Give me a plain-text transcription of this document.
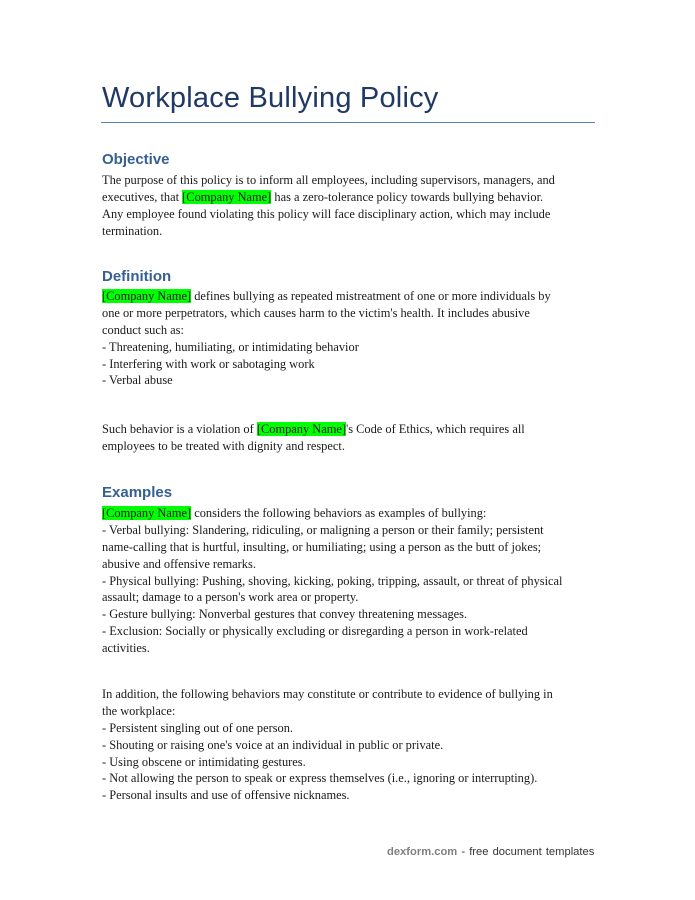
Workplace Bullying Policy
Objective
The purpose of this policy is to inform all employees, including supervisors, managers, and
executives, that [Company Name] has a zero-tolerance policy towards bullying behavior.
Any employee found violating this policy will face disciplinary action, which may include
termination.
Definition
[Company Name] defines bullying as repeated mistreatment of one or more individuals by
one or more perpetrators, which causes harm to the victim's health. It includes abusive
conduct such as:
- Threatening, humiliating, or intimidating behavior
- Interfering with work or sabotaging work
- Verbal abuse
Such behavior is a violation of [Company Name]'s Code of Ethics, which requires all
employees to be treated with dignity and respect.
Examples
[Company Name] considers the following behaviors as examples of bullying:
- Verbal bullying: Slandering, ridiculing, or maligning a person or their family; persistent
name-calling that is hurtful, insulting, or humiliating; using a person as the butt of jokes;
abusive and offensive remarks.
- Physical bullying: Pushing, shoving, kicking, poking, tripping, assault, or threat of physical
assault; damage to a person's work area or property.
- Gesture bullying: Nonverbal gestures that convey threatening messages.
- Exclusion: Socially or physically excluding or disregarding a person in work-related
activities.
In addition, the following behaviors may constitute or contribute to evidence of bullying in
the workplace:
- Persistent singling out of one person.
- Shouting or raising one's voice at an individual in public or private.
- Using obscene or intimidating gestures.
- Not allowing the person to speak or express themselves (i.e., ignoring or interrupting).
- Personal insults and use of offensive nicknames.
dexform.com - free document templates
